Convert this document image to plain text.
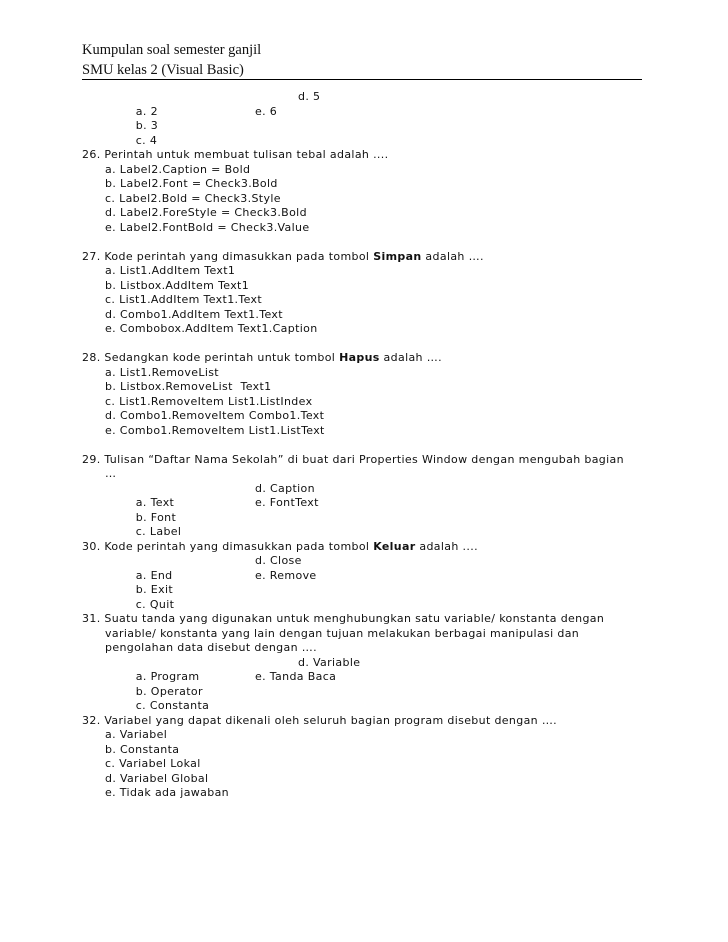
Kumpulan soal semester ganjil
SMU kelas 2 (Visual Basic)

a. 2

d. 5

b. 3

e. 6

c. 4

26. Perintah untuk membuat tulisan tebal adalah ....
a. Label2.Caption = Bold
b. Label2.Font = Check3.Bold
c. Label2.Bold = Check3.Style
d. Label2.ForeStyle = Check3.Bold
e. Label2.FontBold = Check3.Value
27. Kode perintah yang dimasukkan pada tombol Simpan adalah ….
a. List1.AddItem Text1
b. Listbox.AddItem Text1
c. List1.AddItem Text1.Text
d. Combo1.AddItem Text1.Text
e. Combobox.AddItem Text1.Caption
28. Sedangkan kode perintah untuk tombol Hapus adalah ….
a. List1.RemoveList
b. Listbox.RemoveList  Text1
c. List1.RemoveItem List1.ListIndex
d. Combo1.RemoveItem Combo1.Text
e. Combo1.RemoveItem List1.ListText
29. Tulisan “Daftar Nama Sekolah” di buat dari Properties Window dengan mengubah bagian
…

a. Text

d. Caption

b. Font

e. FontText

c. Label

30. Kode perintah yang dimasukkan pada tombol Keluar adalah ....

a. End

d. Close

b. Exit

e. Remove

c. Quit

31. Suatu tanda yang digunakan untuk menghubungkan satu variable/ konstanta dengan
variable/ konstanta yang lain dengan tujuan melakukan berbagai manipulasi dan
pengolahan data disebut dengan ….

a. Program

d. Variable

b. Operator

e. Tanda Baca

c. Constanta

32. Variabel yang dapat dikenali oleh seluruh bagian program disebut dengan ….
a. Variabel
b. Constanta
c. Variabel Lokal
d. Variabel Global
e. Tidak ada jawaban
